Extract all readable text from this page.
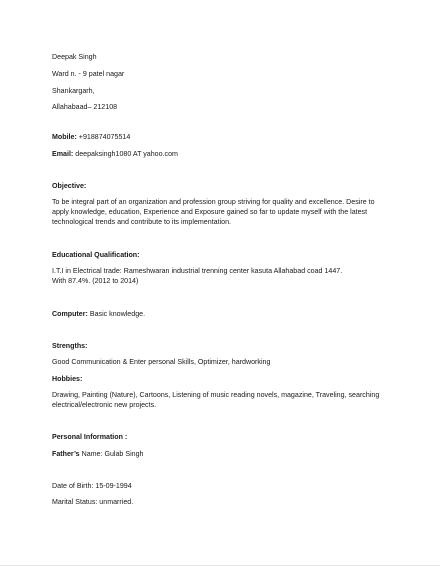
Deepak Singh
Ward n. - 9 patel nagar
Shankargarh,
Allahabaad– 212108
Mobile: +918874075514
Email: deepaksingh1080 AT yahoo.com
Objective:
To be integral part of an organization and profession group striving for quality and excellence. Desire to apply knowledge, education, Experience and Exposure gained so far to update myself with the latest technological trends and contribute to its implementation.
Educational Qualification:
I.T.I in Electrical trade: Rameshwaran industrial trenning center kasuta Allahabad coad 1447. With 87.4%. (2012 to 2014)
Computer: Basic knowledge.
Strengths:
Good Communication & Enter personal Skills, Optimizer, hardworking
Hobbies:
Drawing, Painting (Nature), Cartoons, Listening of music reading novels, magazine, Traveling, searching electrical/electronic new projects.
Personal Information :
Father’s Name: Gulab Singh
Date of Birth: 15-09-1994
Marital Status: unmarried.
